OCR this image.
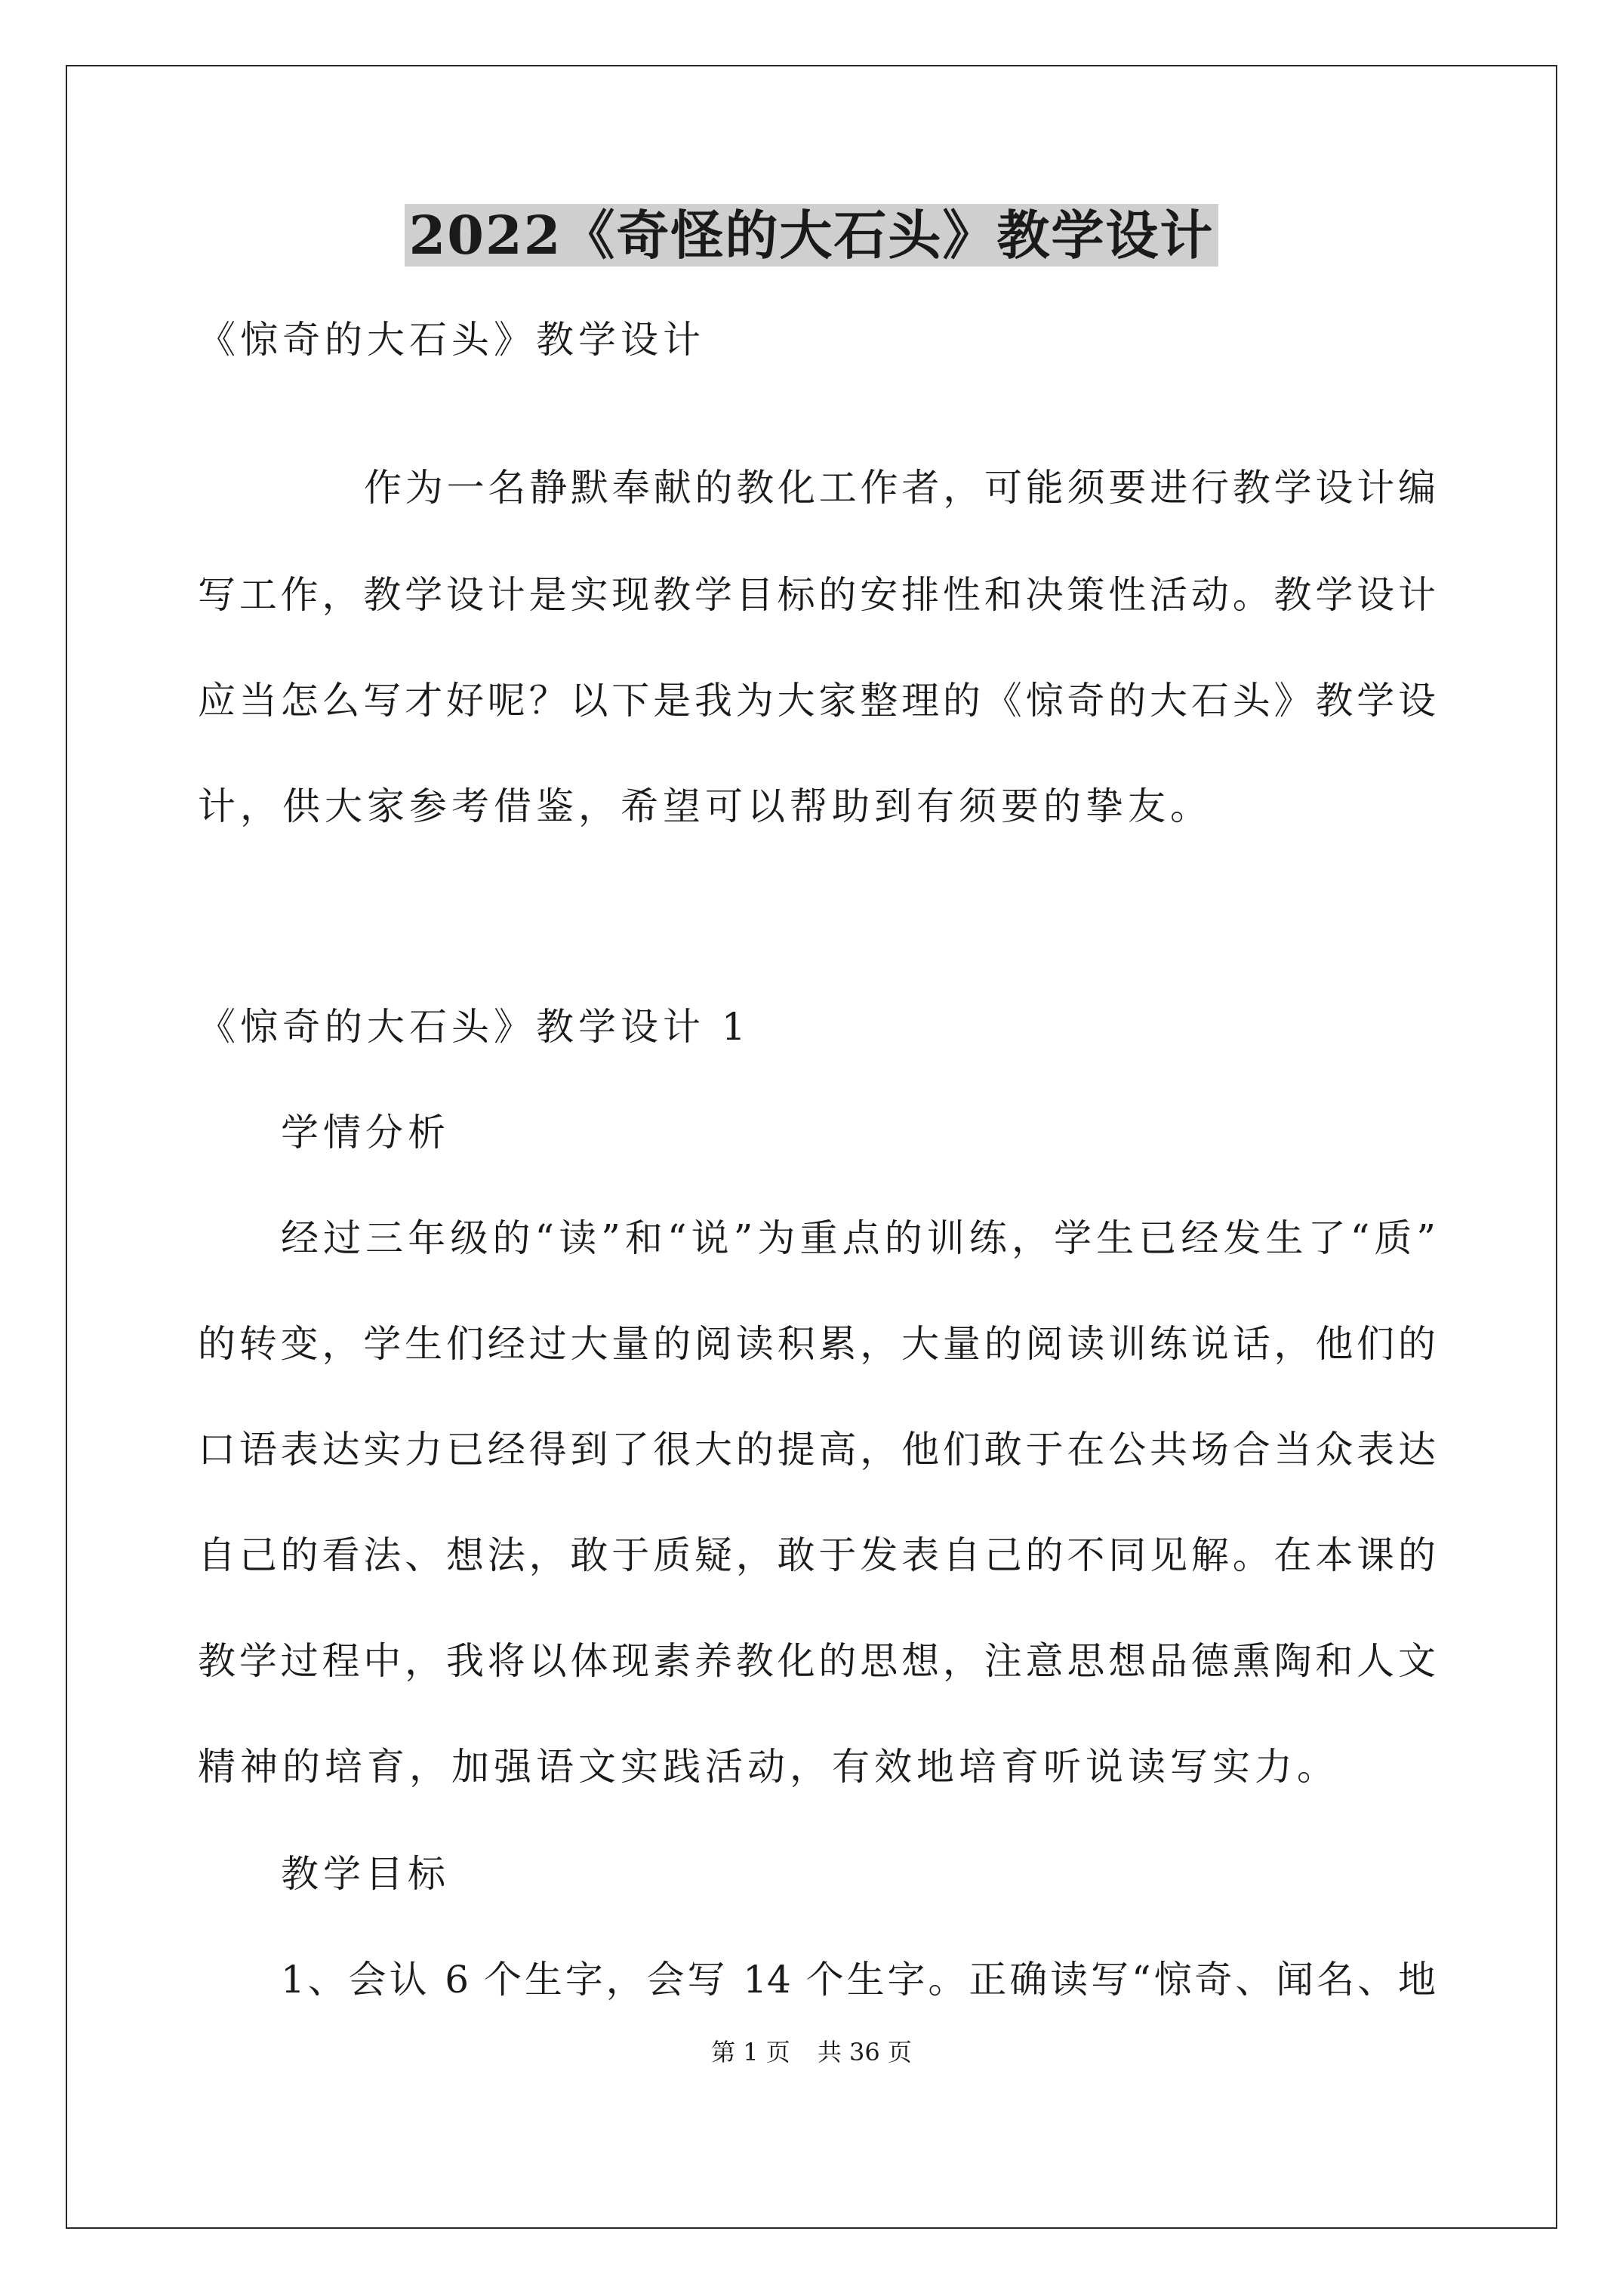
2022《奇怪的大石头》教学设计
《惊奇的大石头》教学设计
作为一名静默奉献的教化工作者，可能须要进行教学设计编
写工作，教学设计是实现教学目标的安排性和决策性活动。教学设计
应当怎么写才好呢？以下是我为大家整理的《惊奇的大石头》教学设
计，供大家参考借鉴，希望可以帮助到有须要的挚友。
《惊奇的大石头》教学设计 1
学情分析
经过三年级的“读”和“说”为重点的训练，学生已经发生了“质”
的转变，学生们经过大量的阅读积累，大量的阅读训练说话，他们的
口语表达实力已经得到了很大的提高，他们敢于在公共场合当众表达
自己的看法、想法，敢于质疑，敢于发表自己的不同见解。在本课的
教学过程中，我将以体现素养教化的思想，注意思想品德熏陶和人文
精神的培育，加强语文实践活动，有效地培育听说读写实力。
教学目标
1、会认 6 个生字，会写 14 个生字。正确读写“惊奇、闻名、地
第 1 页 共 36 页
